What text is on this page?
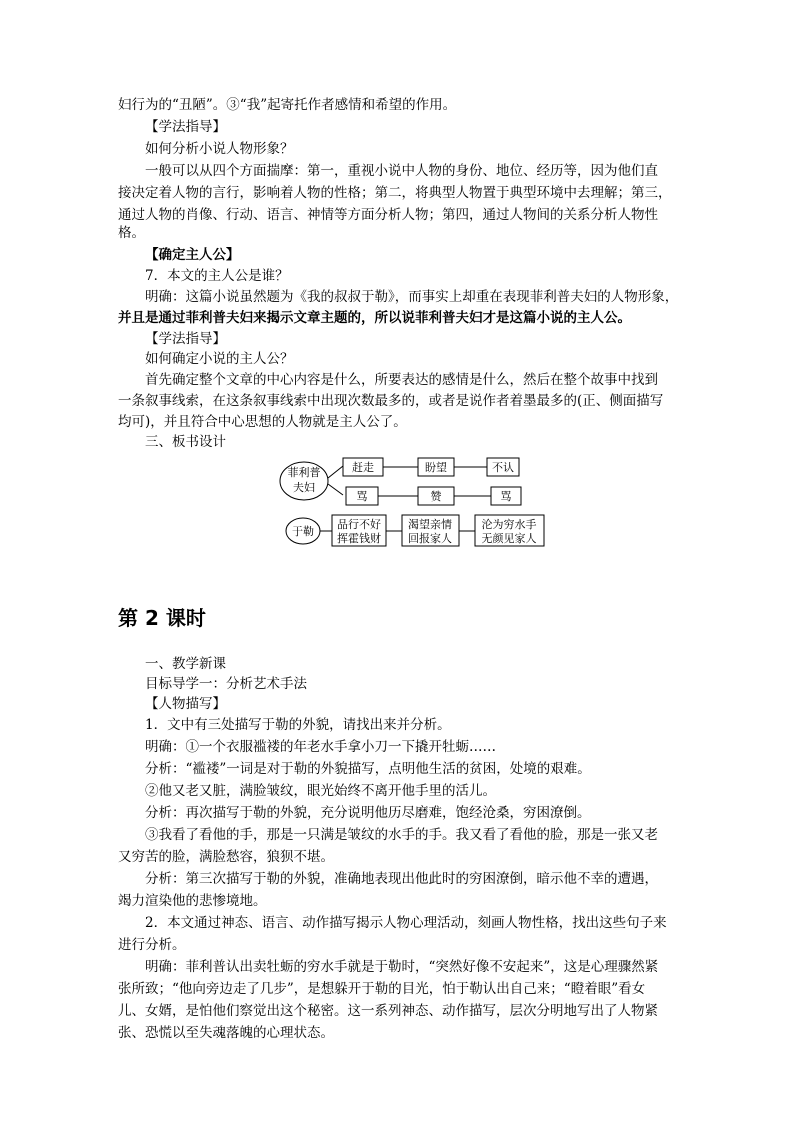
妇行为的“丑陋”。③“我”起寄托作者感情和希望的作用。
【学法指导】
如何分析小说人物形象？
一般可以从四个方面揣摩：第一，重视小说中人物的身份、地位、经历等，因为他们直
接决定着人物的言行，影响着人物的性格；第二，将典型人物置于典型环境中去理解；第三，
通过人物的肖像、行动、语言、神情等方面分析人物；第四，通过人物间的关系分析人物性
格。
【确定主人公】
7．本文的主人公是谁？
明确：这篇小说虽然题为《我的叔叔于勒》，而事实上却重在表现菲利普夫妇的人物形象，
并且是通过菲利普夫妇来揭示文章主题的，所以说菲利普夫妇才是这篇小说的主人公。
【学法指导】
如何确定小说的主人公？
首先确定整个文章的中心内容是什么，所要表达的感情是什么，然后在整个故事中找到
一条叙事线索，在这条叙事线索中出现次数最多的，或者是说作者着墨最多的(正、侧面描写
均可)，并且符合中心思想的人物就是主人公了。
三、板书设计
菲利普
夫妇
赶走	盼望	不认
骂	赞	骂
于勒
品行不好
挥霍钱财
渴望亲情
回报家人
沦为穷水手
无颜见家人
第 2 课时
一、教学新课
目标导学一：分析艺术手法
【人物描写】
1．文中有三处描写于勒的外貌，请找出来并分析。
明确：①一个衣服褴褛的年老水手拿小刀一下撬开牡蛎……
分析：“褴褛”一词是对于勒的外貌描写，点明他生活的贫困，处境的艰难。
②他又老又脏，满脸皱纹，眼光始终不离开他手里的活儿。
分析：再次描写于勒的外貌，充分说明他历尽磨难，饱经沧桑，穷困潦倒。
③我看了看他的手，那是一只满是皱纹的水手的手。我又看了看他的脸，那是一张又老
又穷苦的脸，满脸愁容，狼狈不堪。
分析：第三次描写于勒的外貌，准确地表现出他此时的穷困潦倒，暗示他不幸的遭遇，
竭力渲染他的悲惨境地。
2．本文通过神态、语言、动作描写揭示人物心理活动，刻画人物性格，找出这些句子来
进行分析。
明确：菲利普认出卖牡蛎的穷水手就是于勒时，“突然好像不安起来”，这是心理骤然紧
张所致；“他向旁边走了几步”，是想躲开于勒的目光，怕于勒认出自己来；“瞪着眼”看女
儿、女婿，是怕他们察觉出这个秘密。这一系列神态、动作描写，层次分明地写出了人物紧
张、恐慌以至失魂落魄的心理状态。
